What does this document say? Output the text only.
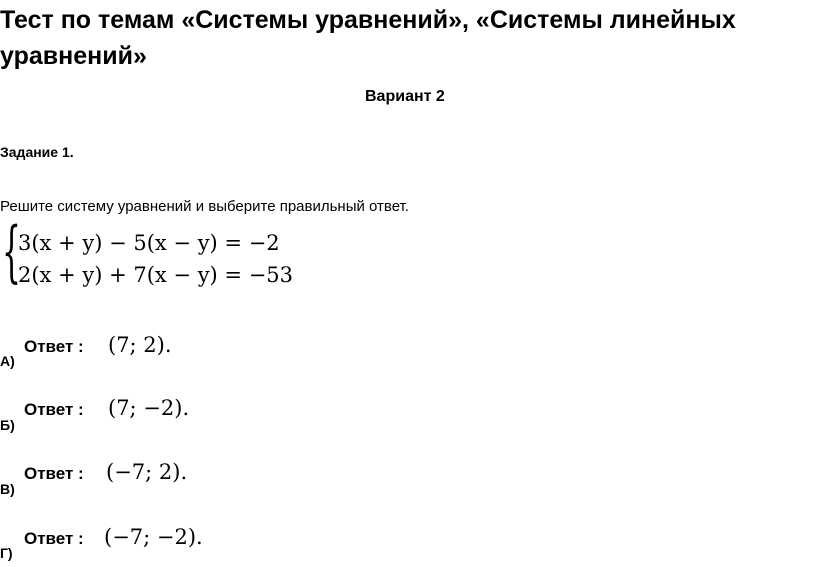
Тест по темам «Системы уравнений», «Системы линейных
уравнений»
Вариант 2
Задание 1.
Решите систему уравнений и выберите правильный ответ.
{
3(x + y) − 5(x − y) = −2
2(x + y) + 7(x − y) = −53
А)
Ответ : (7; 2).
Б)
Ответ : (7; −2).
В)
Ответ : (−7; 2).
Г)
Ответ : (−7; −2).
